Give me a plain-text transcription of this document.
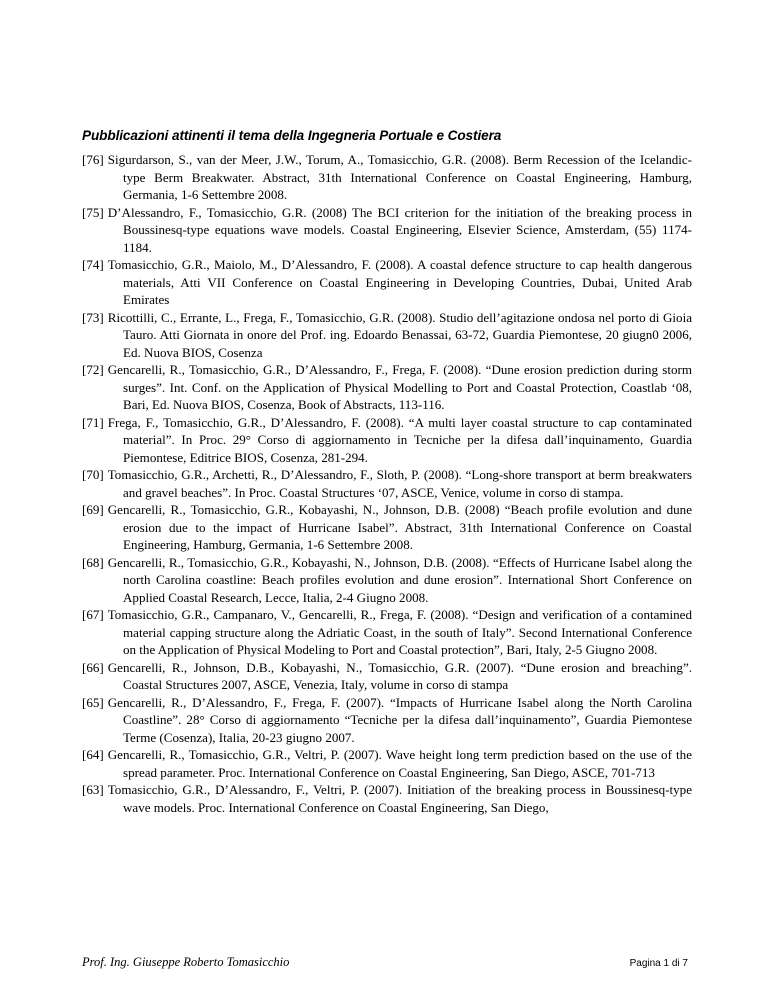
Pubblicazioni attinenti il tema della Ingegneria Portuale e Costiera
[76] Sigurdarson, S., van der Meer, J.W., Torum, A., Tomasicchio, G.R. (2008). Berm Recession of the Icelandic-type Berm Breakwater. Abstract, 31th International Conference on Coastal Engineering, Hamburg, Germania, 1-6 Settembre 2008.
[75] D’Alessandro, F., Tomasicchio, G.R. (2008) The BCI criterion for the initiation of the breaking process in Boussinesq-type equations wave models. Coastal Engineering, Elsevier Science, Amsterdam, (55) 1174-1184.
[74] Tomasicchio, G.R., Maiolo, M., D’Alessandro, F. (2008). A coastal defence structure to cap health dangerous materials, Atti VII Conference on Coastal Engineering in Developing Countries, Dubai, United Arab Emirates
[73] Ricottilli, C., Errante, L., Frega, F., Tomasicchio, G.R. (2008). Studio dell’agitazione ondosa nel porto di Gioia Tauro. Atti Giornata in onore del Prof. ing. Edoardo Benassai, 63-72, Guardia Piemontese, 20 giugn0 2006, Ed. Nuova BIOS, Cosenza
[72] Gencarelli, R., Tomasicchio, G.R., D’Alessandro, F., Frega, F. (2008). “Dune erosion prediction during storm surges”. Int. Conf. on the Application of Physical Modelling to Port and Coastal Protection, Coastlab ‘08, Bari, Ed. Nuova BIOS, Cosenza, Book of Abstracts, 113-116.
[71] Frega, F., Tomasicchio, G.R., D’Alessandro, F. (2008). “A multi layer coastal structure to cap contaminated material”. In Proc. 29° Corso di aggiornamento in Tecniche per la difesa dall’inquinamento, Guardia Piemontese, Editrice BIOS, Cosenza, 281-294.
[70] Tomasicchio, G.R., Archetti, R., D’Alessandro, F., Sloth, P. (2008). “Long-shore transport at berm breakwaters and gravel beaches”. In Proc. Coastal Structures ‘07, ASCE, Venice, volume in corso di stampa.
[69] Gencarelli, R., Tomasicchio, G.R., Kobayashi, N., Johnson, D.B. (2008) “Beach profile evolution and dune erosion due to the impact of Hurricane Isabel”. Abstract, 31th International Conference on Coastal Engineering, Hamburg, Germania, 1-6 Settembre 2008.
[68] Gencarelli, R., Tomasicchio, G.R., Kobayashi, N., Johnson, D.B. (2008). “Effects of Hurricane Isabel along the north Carolina coastline: Beach profiles evolution and dune erosion”. International Short Conference on Applied Coastal Research, Lecce, Italia, 2-4 Giugno 2008.
[67] Tomasicchio, G.R., Campanaro, V., Gencarelli, R., Frega, F. (2008). “Design and verification of a contamined material capping structure along the Adriatic Coast, in the south of Italy”. Second International Conference on the Application of Physical Modeling to Port and Coastal protection”, Bari, Italy, 2-5 Giugno 2008.
[66] Gencarelli, R., Johnson, D.B., Kobayashi, N., Tomasicchio, G.R. (2007). “Dune erosion and breaching”. Coastal Structures 2007, ASCE, Venezia, Italy, volume in corso di stampa
[65] Gencarelli, R., D’Alessandro, F., Frega, F. (2007). “Impacts of Hurricane Isabel along the North Carolina Coastline”. 28° Corso di aggiornamento “Tecniche per la difesa dall’inquinamento”, Guardia Piemontese Terme (Cosenza), Italia, 20-23 giugno 2007.
[64] Gencarelli, R., Tomasicchio, G.R., Veltri, P. (2007). Wave height long term prediction based on the use of the spread parameter. Proc. International Conference on Coastal Engineering, San Diego, ASCE, 701-713
[63] Tomasicchio, G.R., D’Alessandro, F., Veltri, P. (2007). Initiation of the breaking process in Boussinesq-type wave models. Proc. International Conference on Coastal Engineering, San Diego,
Prof. Ing. Giuseppe Roberto Tomasicchio	Pagina 1 di 7
